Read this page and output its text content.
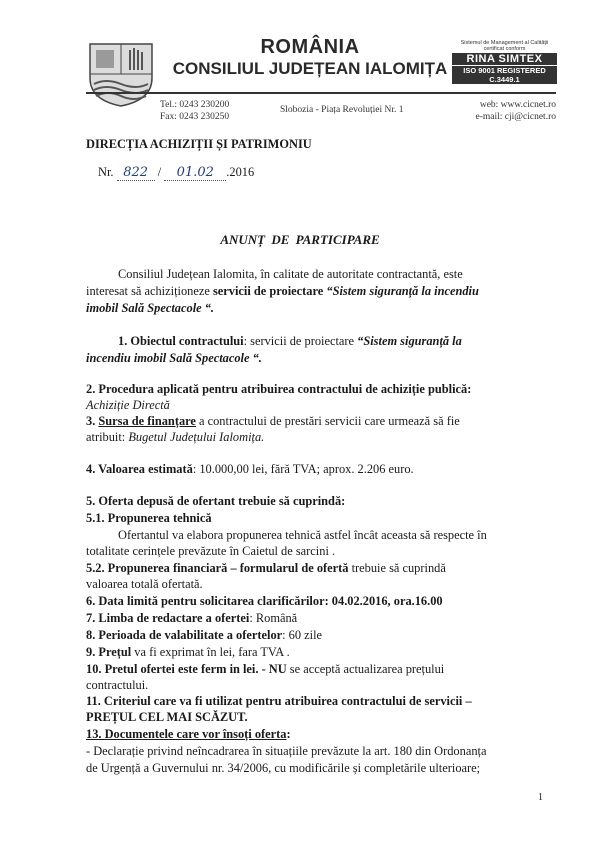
ROMÂNIA
CONSILIUL JUDEȚEAN IALOMIȚA
Sistemul de Management al Calității
certificat conform
RINA SIMTEX
ISO 9001 REGISTERED C.3449.1
Tel.: 0243 230200
Fax: 0243 230250
Slobozia - Piața Revoluției Nr. 1	web: www.cicnet.ro
e-mail: cji@cicnet.ro
DIRECȚIA ACHIZIȚII ȘI PATRIMONIU
Nr. 822 / 01.02 .2016
ANUNȚ DE PARTICIPARE
Consiliul Județean Ialomita, în calitate de autoritate contractantă, este
interesat să achiziționeze servicii de proiectare “Sistem siguranță la incendiu
imobil Sală Spectacole “.
1. Obiectul contractului: servicii de proiectare “Sistem siguranță la
incendiu imobil Sală Spectacole “.
2. Procedura aplicată pentru atribuirea contractului de achiziție publică:
Achiziție Directă
3. Sursa de finanțare a contractului de prestări servicii care urmează să fie
atribuit: Bugetul Județului Ialomița.
4. Valoarea estimată: 10.000,00 lei, fără TVA; aprox. 2.206 euro.
5. Oferta depusă de ofertant trebuie să cuprindă:
5.1. Propunerea tehnică
Ofertantul va elabora propunerea tehnică astfel încât aceasta să respecte în
totalitate cerințele prevăzute în Caietul de sarcini .
5.2. Propunerea financiară – formularul de ofertă trebuie să cuprindă
valoarea totală ofertată.
6. Data limită pentru solicitarea clarificărilor: 04.02.2016, ora.16.00
7. Limba de redactare a ofertei: Română
8. Perioada de valabilitate a ofertelor: 60 zile
9. Prețul va fi exprimat în lei, fara TVA .
10. Pretul ofertei este ferm in lei. - NU se acceptă actualizarea prețului
contractului.
11. Criteriul care va fi utilizat pentru atribuirea contractului de servicii –
PREȚUL CEL MAI SCĂZUT.
13. Documentele care vor însoți oferta:
- Declarație privind neîncadrarea în situațiile prevăzute la art. 180 din Ordonanța
de Urgență a Guvernului nr. 34/2006, cu modificările și completările ulterioare;
1
